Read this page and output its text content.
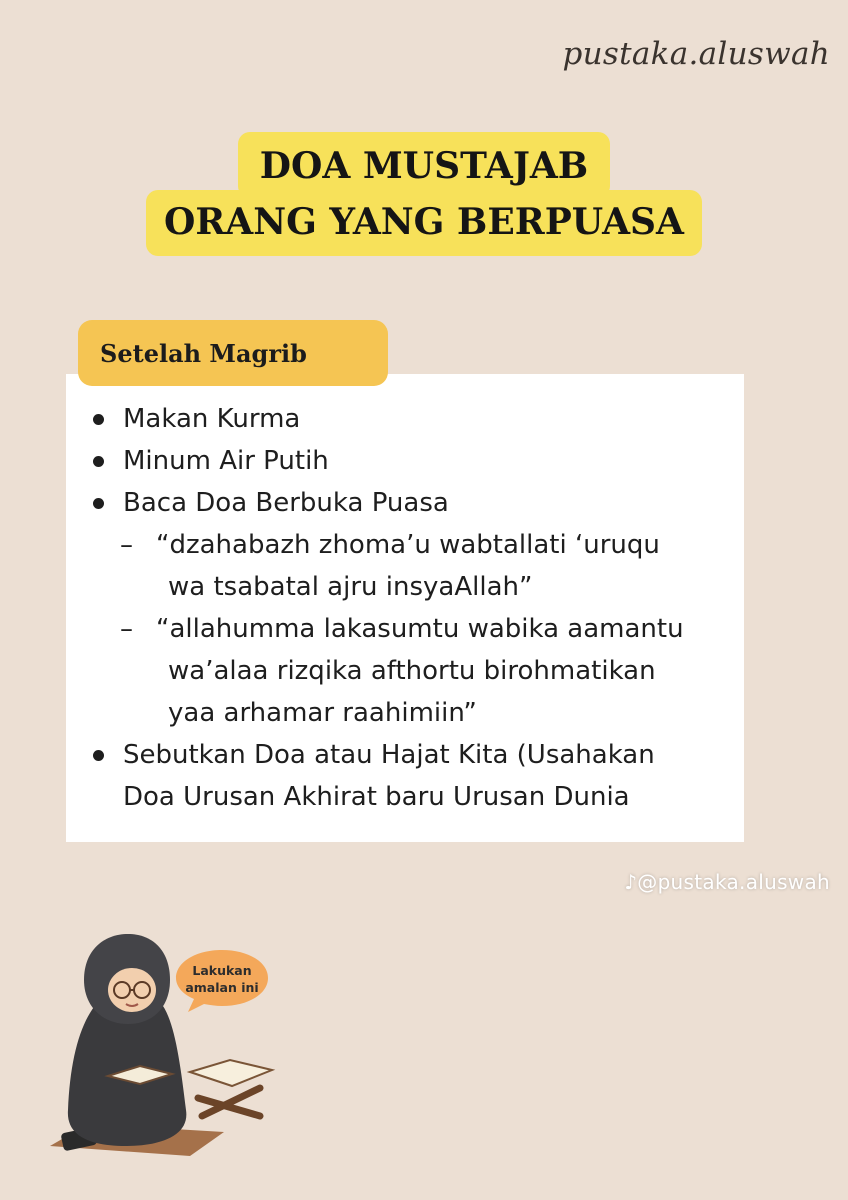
pustaka.aluswah
DOA MUSTAJAB
ORANG YANG BERPUASA
Setelah Magrib
Makan Kurma
Minum Air Putih
Baca Doa Berbuka Puasa
– “dzahabazh zhoma’u wabtallati ‘uruqu
wa tsabatal ajru insyaAllah”
– “allahumma lakasumtu wabika aamantu
wa’alaa rizqika afthortu birohmatikan
yaa arhamar raahimiin”
Sebutkan Doa atau Hajat Kita (Usahakan
Doa Urusan Akhirat baru Urusan Dunia
♪@pustaka.aluswah
Lakukan
amalan ini
